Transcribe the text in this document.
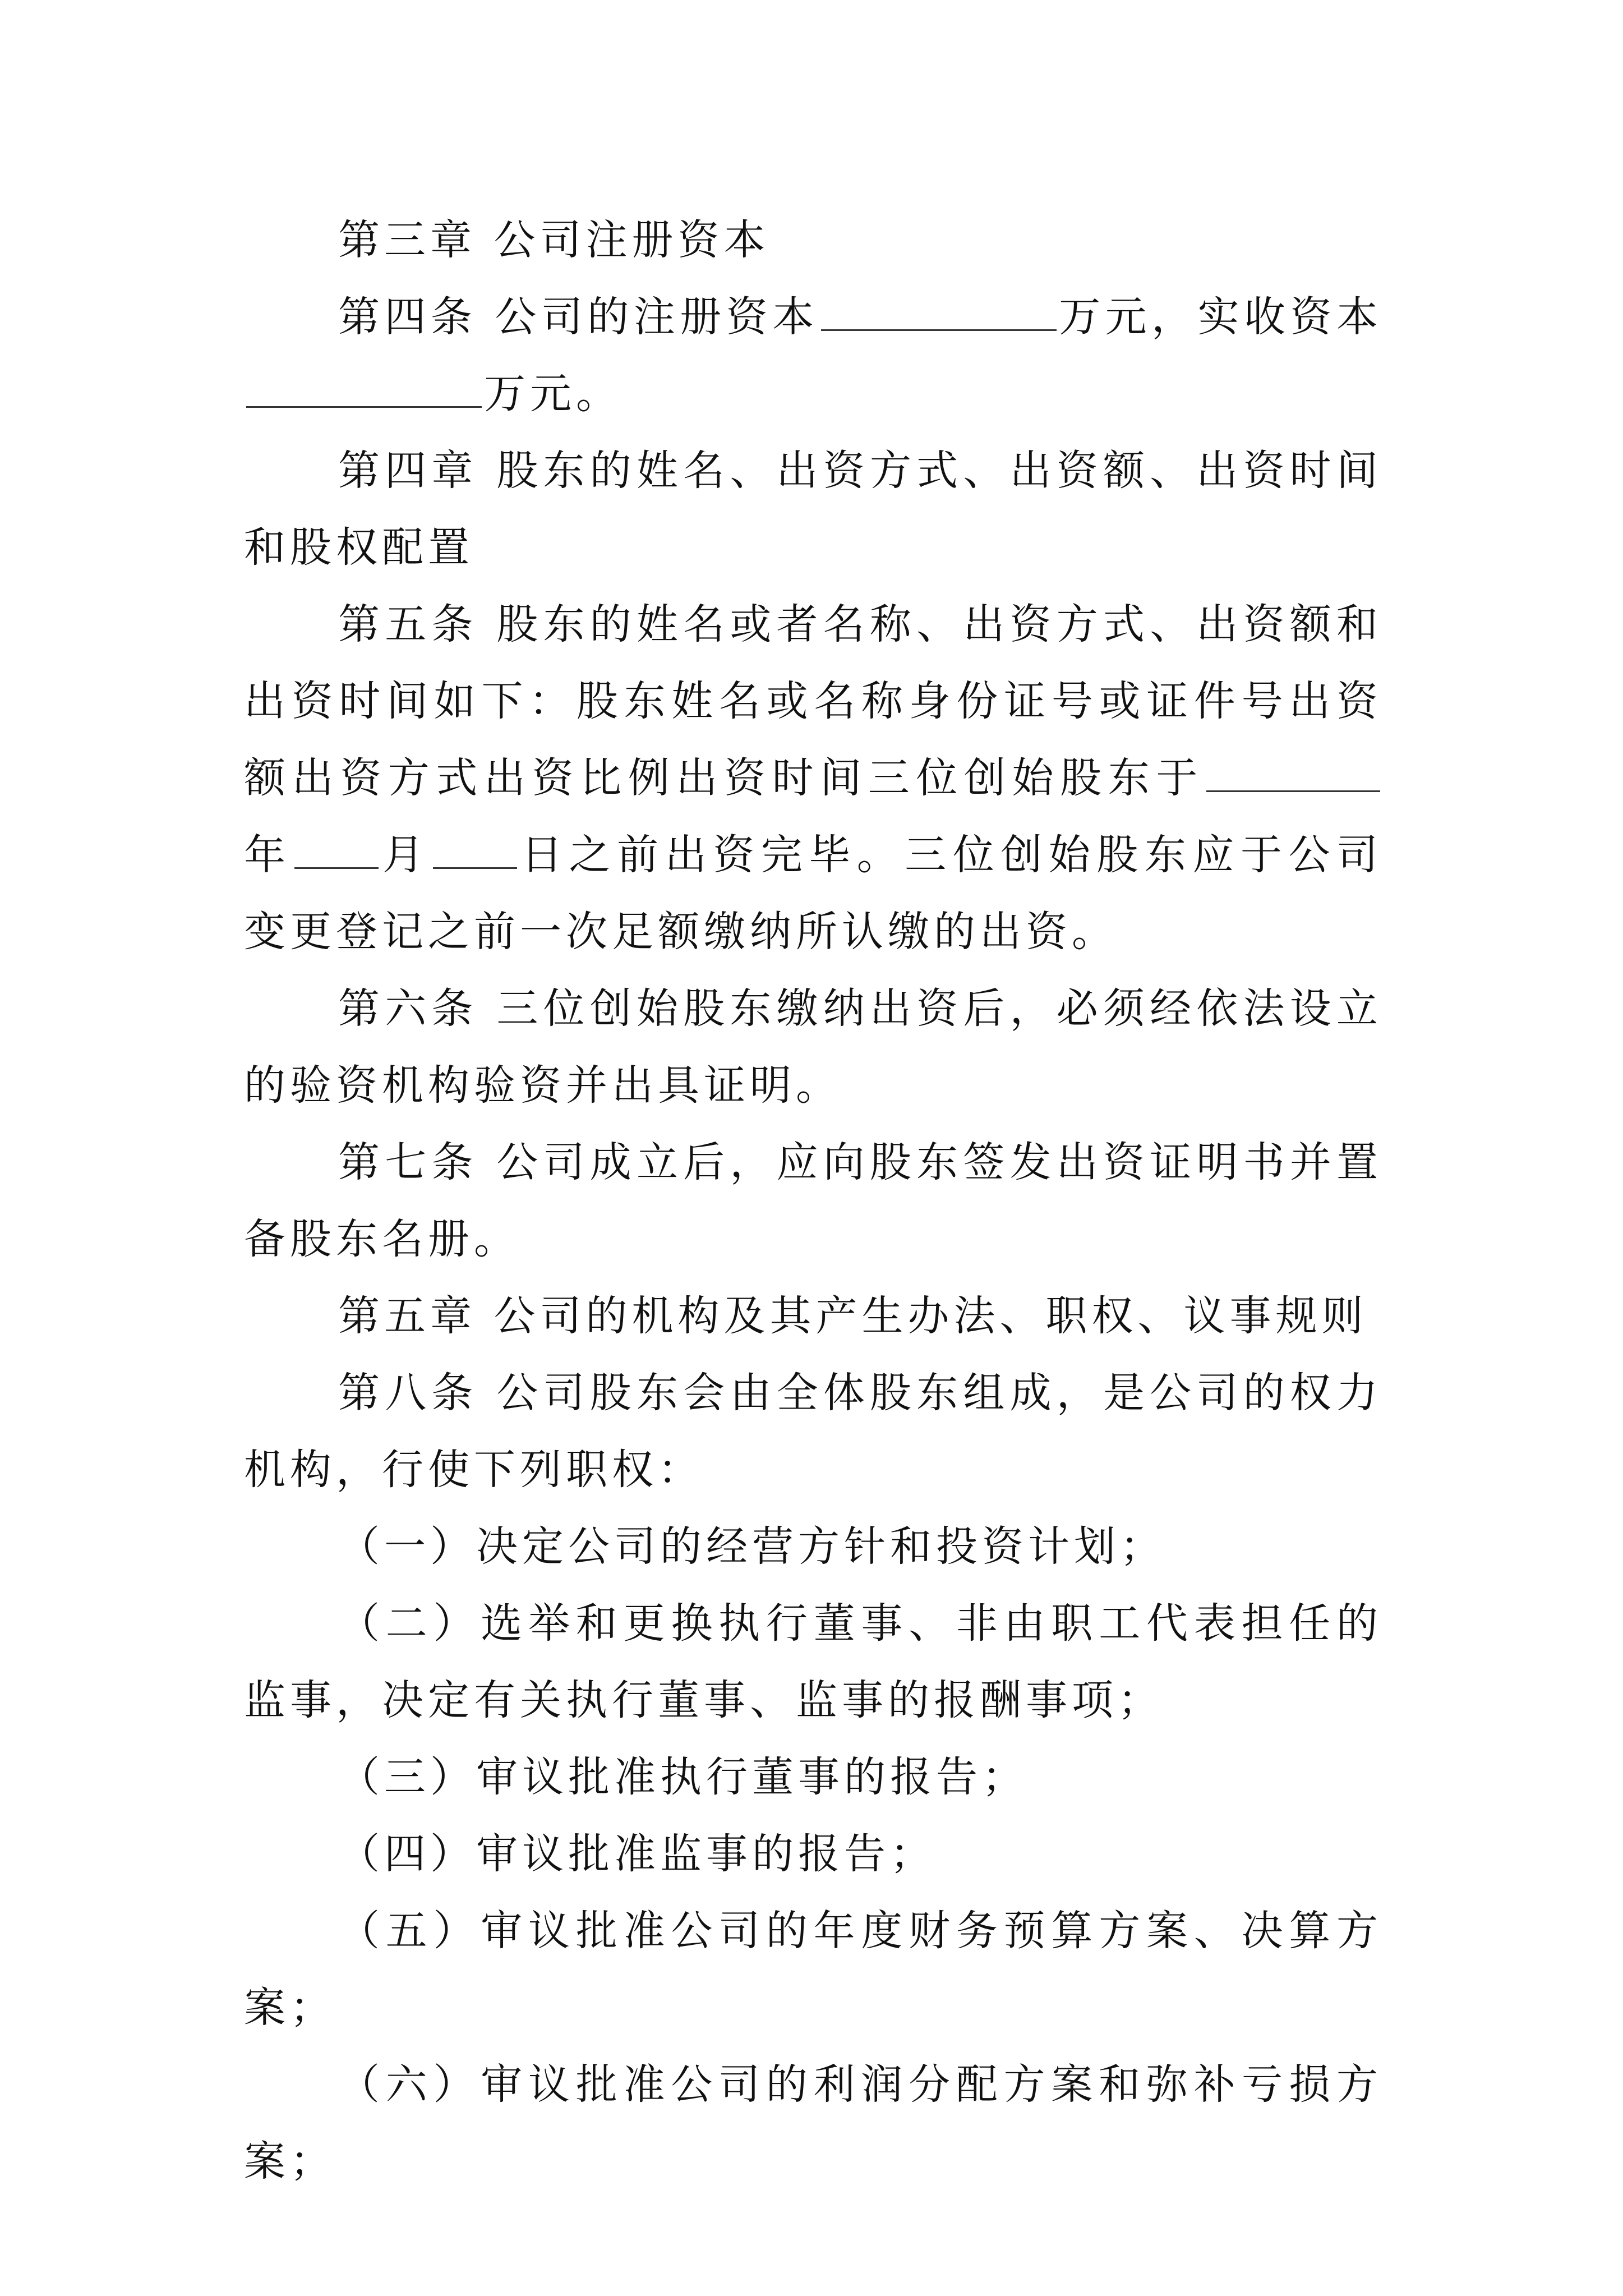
第三章 公司注册资本

第四条 公司的注册资本	万元，实收资本万元。

第四章 股东的姓名、出资方式、出资额、出资时间和股权配置

第五条 股东的姓名或者名称、出资方式、出资额和出资时间如下：股东姓名或名称身份证号或证件号出资额出资方式出资比例出资时间三位创始股东于年 月 日之前出资完毕。三位创始股东应于公司变更登记之前一次足额缴纳所认缴的出资。

第六条 三位创始股东缴纳出资后，必须经依法设立的验资机构验资并出具证明。

第七条 公司成立后，应向股东签发出资证明书并置备股东名册。

第五章 公司的机构及其产生办法、职权、议事规则

第八条 公司股东会由全体股东组成，是公司的权力机构，行使下列职权：

（一）决定公司的经营方针和投资计划；

（二）选举和更换执行董事、非由职工代表担任的监事，决定有关执行董事、监事的报酬事项；

（三）审议批准执行董事的报告；

（四）审议批准监事的报告；

（五）审议批准公司的年度财务预算方案、决算方案；

（六）审议批准公司的利润分配方案和弥补亏损方案；
